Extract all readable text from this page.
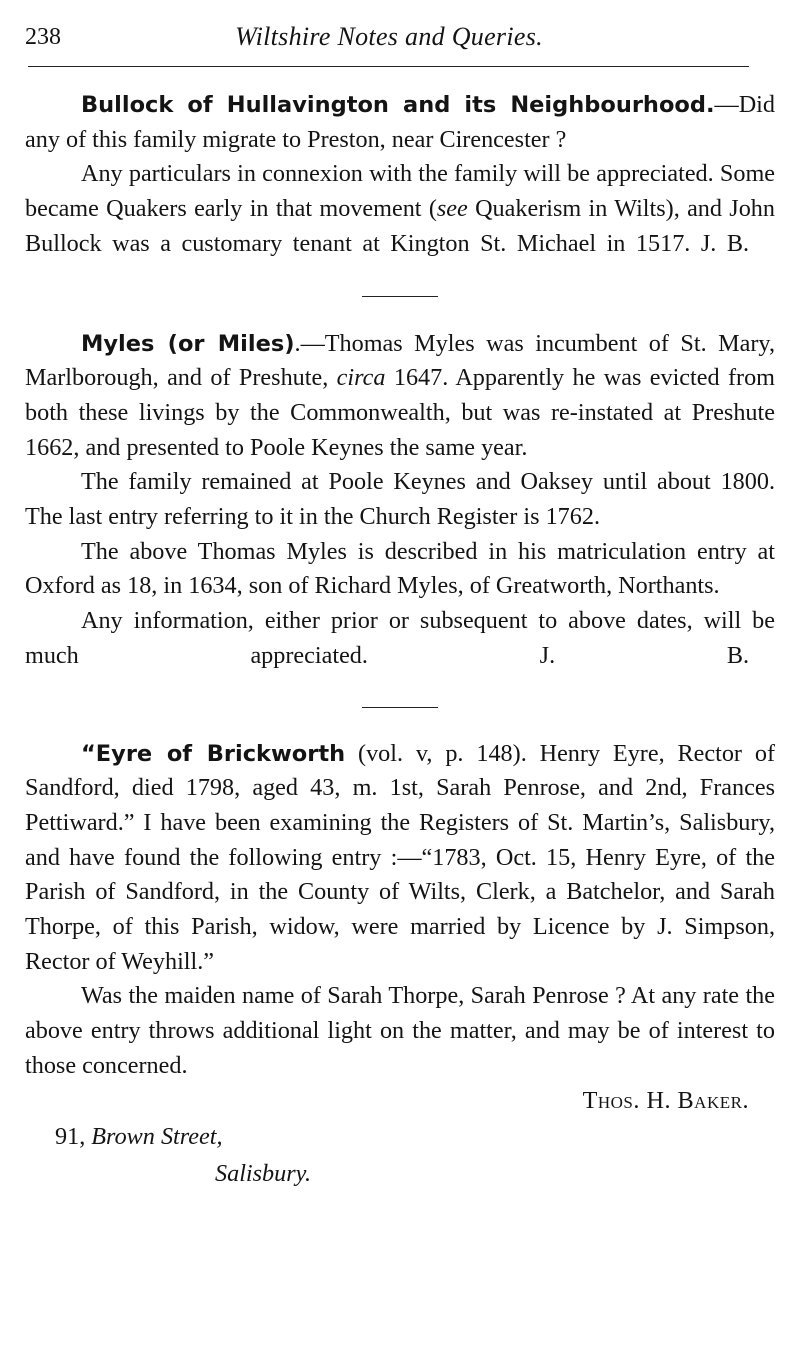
238	Wiltshire Notes and Queries.

Bullock of Hullavington and its Neighbourhood.—Did any of this family migrate to Preston, near Cirencester ?

Any particulars in connexion with the family will be appreciated. Some became Quakers early in that movement (see Quakerism in Wilts), and John Bullock was a customary tenant at Kington St. Michael in 1517. J. B.

Myles (or Miles).—Thomas Myles was incumbent of St. Mary, Marlborough, and of Preshute, circa 1647. Apparently he was evicted from both these livings by the Commonwealth, but was re-instated at Preshute 1662, and presented to Poole Keynes the same year.

The family remained at Poole Keynes and Oaksey until about 1800. The last entry referring to it in the Church Register is 1762.

The above Thomas Myles is described in his matriculation entry at Oxford as 18, in 1634, son of Richard Myles, of Greatworth, Northants.

Any information, either prior or subsequent to above dates, will be much appreciated.	J. B.

“Eyre of Brickworth (vol. v, p. 148). Henry Eyre, Rector of Sandford, died 1798, aged 43, m. 1st, Sarah Penrose, and 2nd, Frances Pettiward.” I have been examining the Registers of St. Martin’s, Salisbury, and have found the following entry :—“1783, Oct. 15, Henry Eyre, of the Parish of Sandford, in the County of Wilts, Clerk, a Batchelor, and Sarah Thorpe, of this Parish, widow, were married by Licence by J. Simpson, Rector of Weyhill.”

Was the maiden name of Sarah Thorpe, Sarah Penrose ? At any rate the above entry throws additional light on the matter, and may be of interest to those concerned.

Thos. H. Baker.

91, Brown Street,

Salisbury.
